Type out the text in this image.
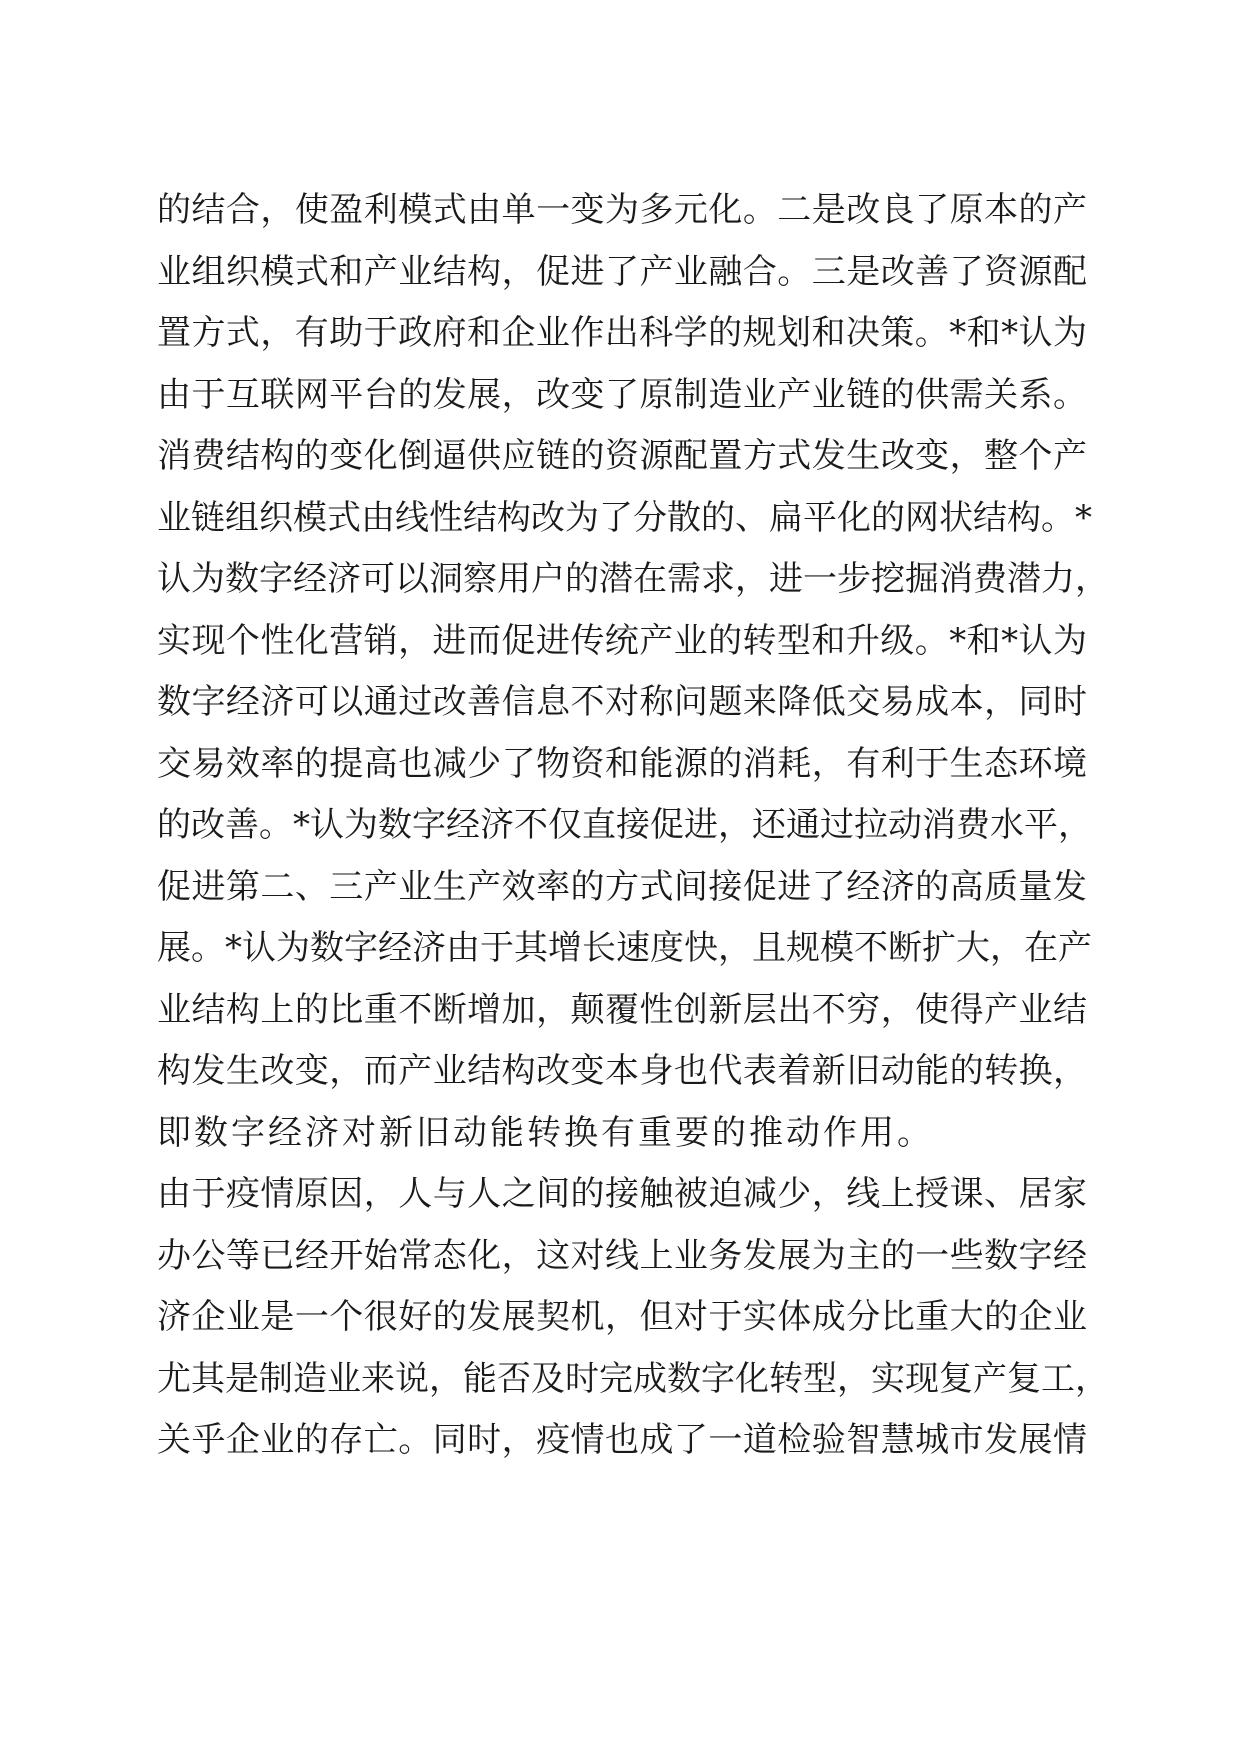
的结合，使盈利模式由单一变为多元化。二是改良了原本的产
业组织模式和产业结构，促进了产业融合。三是改善了资源配
置方式，有助于政府和企业作出科学的规划和决策。*和*认为
由于互联网平台的发展，改变了原制造业产业链的供需关系。
消费结构的变化倒逼供应链的资源配置方式发生改变，整个产
业链组织模式由线性结构改为了分散的、扁平化的网状结构。*
认为数字经济可以洞察用户的潜在需求，进一步挖掘消费潜力，
实现个性化营销，进而促进传统产业的转型和升级。*和*认为
数字经济可以通过改善信息不对称问题来降低交易成本，同时
交易效率的提高也减少了物资和能源的消耗，有利于生态环境
的改善。*认为数字经济不仅直接促进，还通过拉动消费水平，
促进第二、三产业生产效率的方式间接促进了经济的高质量发
展。*认为数字经济由于其增长速度快，且规模不断扩大，在产
业结构上的比重不断增加，颠覆性创新层出不穷，使得产业结
构发生改变，而产业结构改变本身也代表着新旧动能的转换，
即数字经济对新旧动能转换有重要的推动作用。
由于疫情原因，人与人之间的接触被迫减少，线上授课、居家
办公等已经开始常态化，这对线上业务发展为主的一些数字经
济企业是一个很好的发展契机，但对于实体成分比重大的企业
尤其是制造业来说，能否及时完成数字化转型，实现复产复工，
关乎企业的存亡。同时，疫情也成了一道检验智慧城市发展情
